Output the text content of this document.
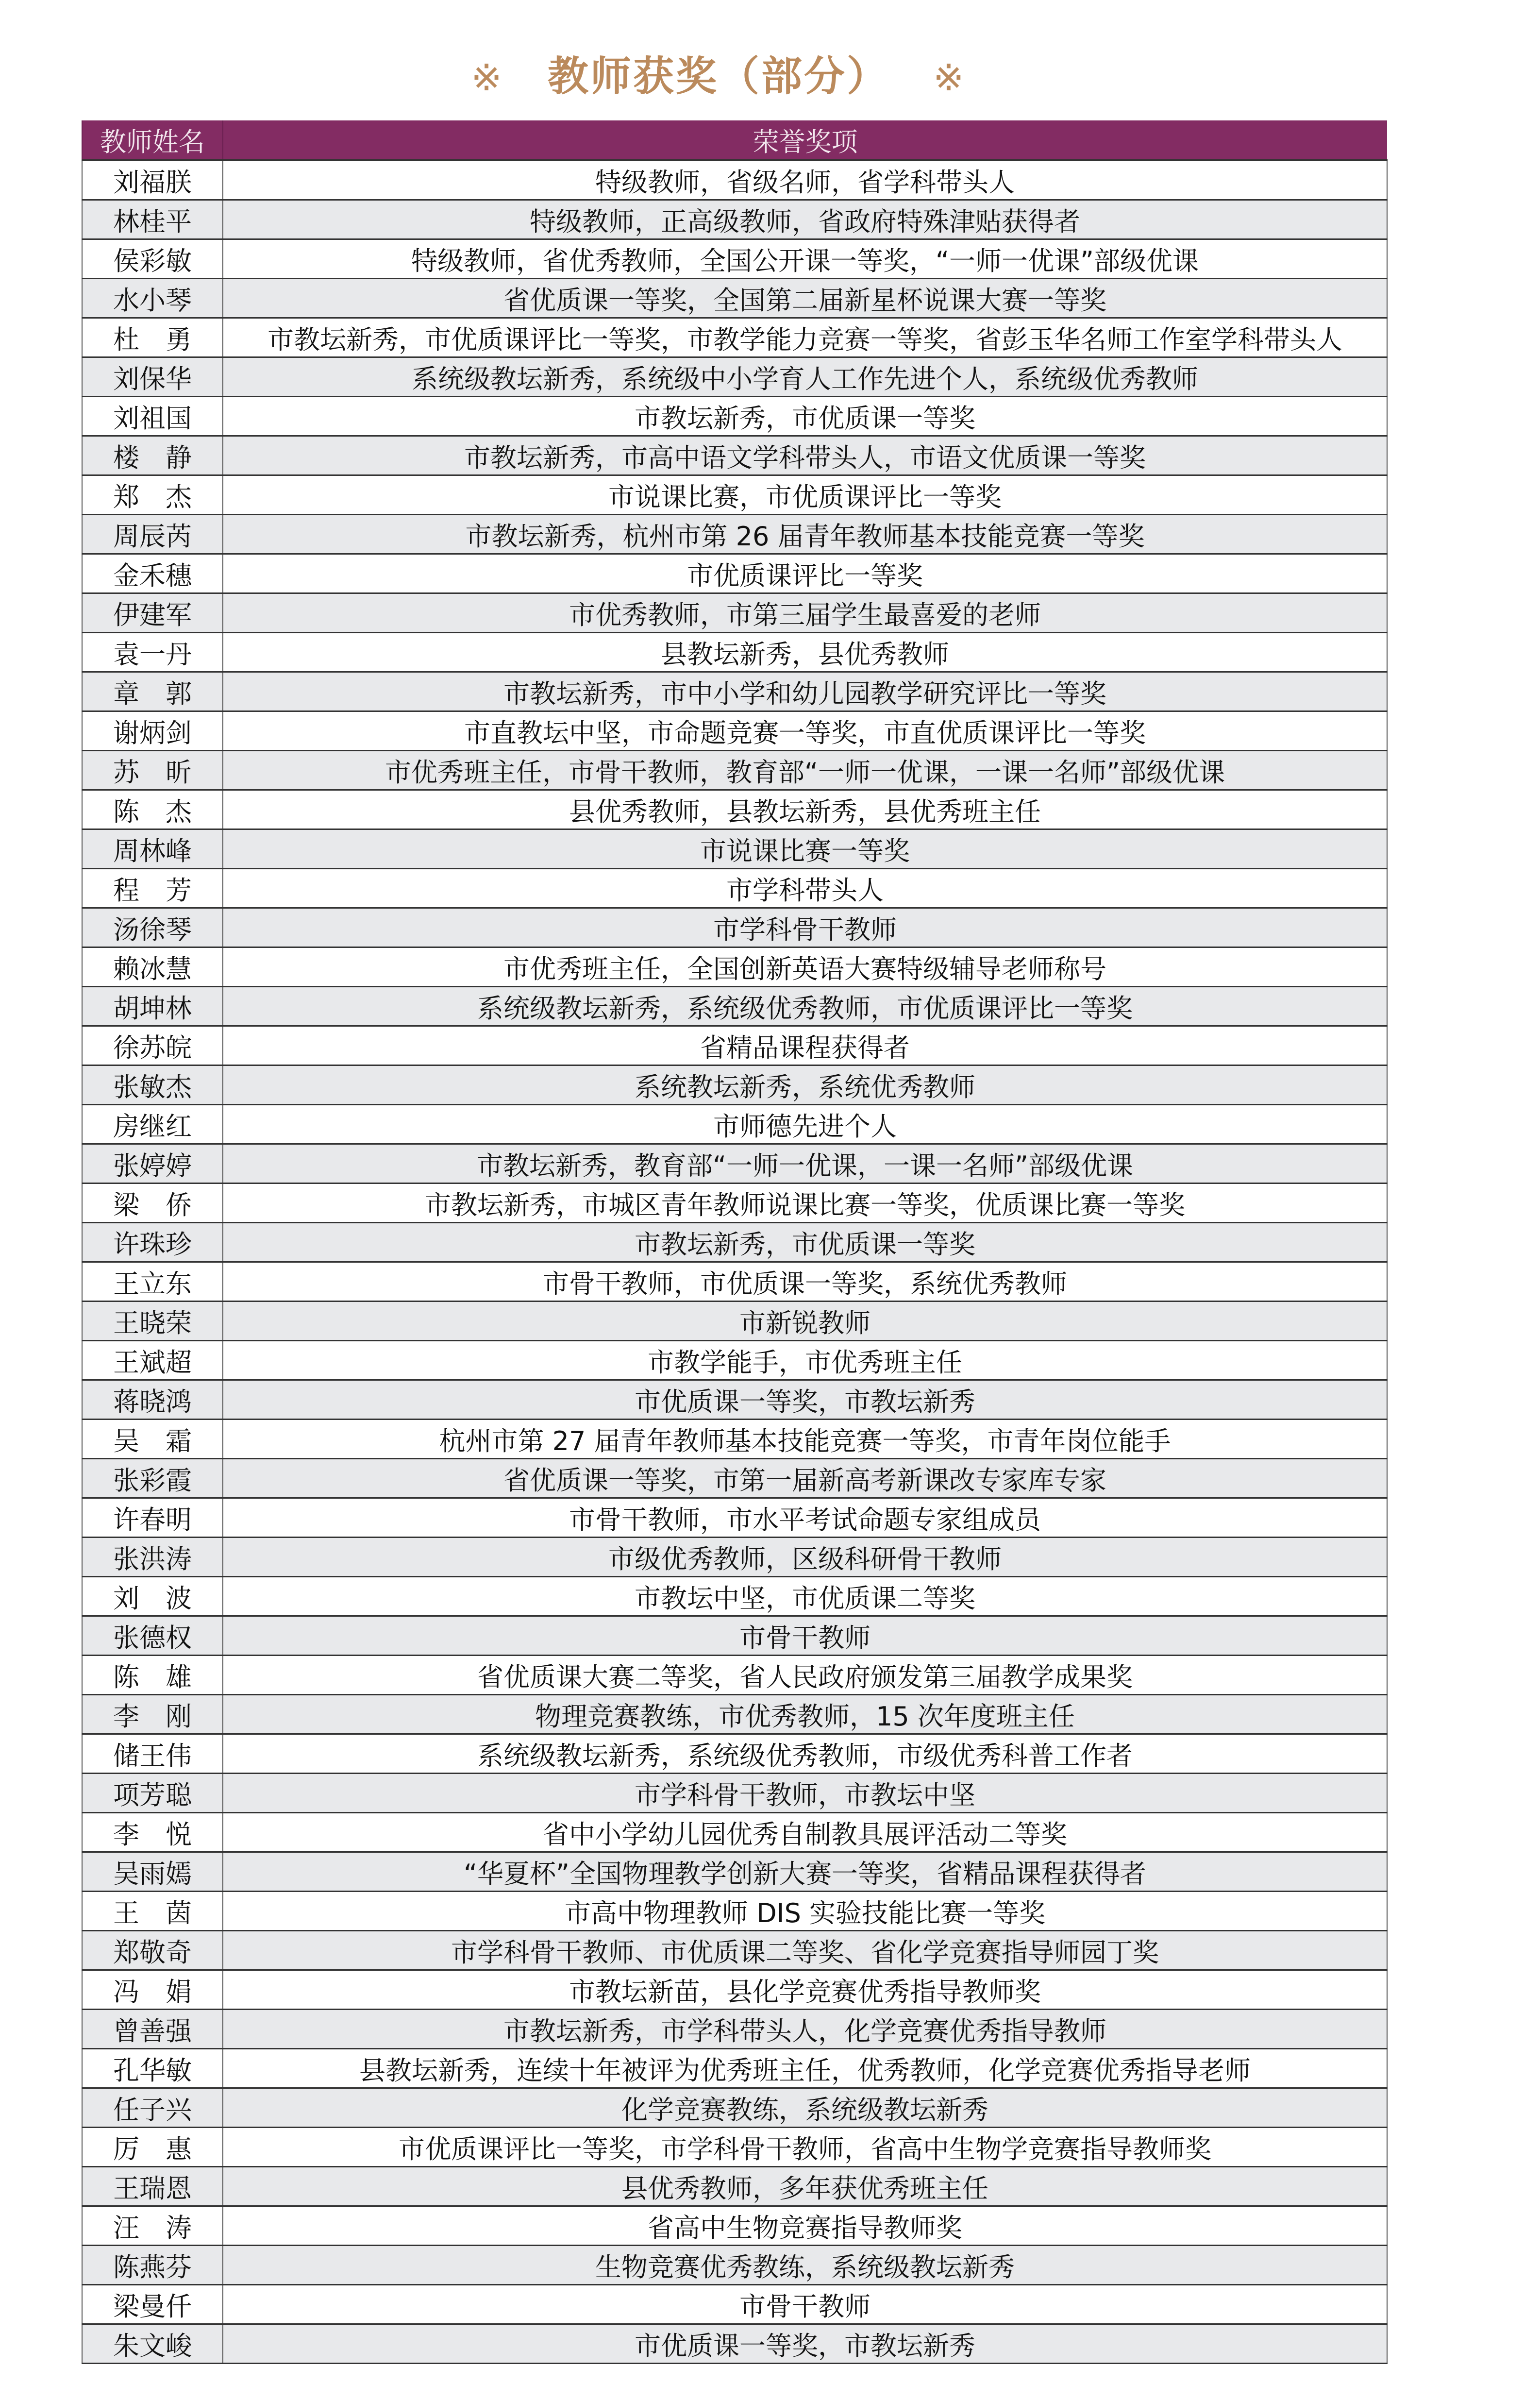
※ 教师获奖（部分） ※
教师姓名	荣誉奖项
刘福朕	特级教师，省级名师，省学科带头人
林桂平	特级教师，正高级教师，省政府特殊津贴获得者
侯彩敏	特级教师，省优秀教师，全国公开课一等奖，“一师一优课”部级优课
水小琴	省优质课一等奖，全国第二届新星杯说课大赛一等奖
杜　勇	市教坛新秀，市优质课评比一等奖，市教学能力竞赛一等奖，省彭玉华名师工作室学科带头人
刘保华	系统级教坛新秀，系统级中小学育人工作先进个人，系统级优秀教师
刘祖国	市教坛新秀，市优质课一等奖
楼　静	市教坛新秀，市高中语文学科带头人，市语文优质课一等奖
郑　杰	市说课比赛，市优质课评比一等奖
周辰芮	市教坛新秀，杭州市第 26 届青年教师基本技能竞赛一等奖
金禾穗	市优质课评比一等奖
伊建军	市优秀教师，市第三届学生最喜爱的老师
袁一丹	县教坛新秀，县优秀教师
章　郭	市教坛新秀，市中小学和幼儿园教学研究评比一等奖
谢炳剑	市直教坛中坚，市命题竞赛一等奖，市直优质课评比一等奖
苏　昕	市优秀班主任，市骨干教师，教育部“一师一优课，一课一名师”部级优课
陈　杰	县优秀教师，县教坛新秀，县优秀班主任
周林峰	市说课比赛一等奖
程　芳	市学科带头人
汤徐琴	市学科骨干教师
赖冰慧	市优秀班主任，全国创新英语大赛特级辅导老师称号
胡坤林	系统级教坛新秀，系统级优秀教师，市优质课评比一等奖
徐苏皖	省精品课程获得者
张敏杰	系统教坛新秀，系统优秀教师
房继红	市师德先进个人
张婷婷	市教坛新秀，教育部“一师一优课，一课一名师”部级优课
梁　侨	市教坛新秀，市城区青年教师说课比赛一等奖，优质课比赛一等奖
许珠珍	市教坛新秀，市优质课一等奖
王立东	市骨干教师，市优质课一等奖，系统优秀教师
王晓荣	市新锐教师
王斌超	市教学能手，市优秀班主任
蒋晓鸿	市优质课一等奖，市教坛新秀
吴　霜	杭州市第 27 届青年教师基本技能竞赛一等奖，市青年岗位能手
张彩霞	省优质课一等奖，市第一届新高考新课改专家库专家
许春明	市骨干教师，市水平考试命题专家组成员
张洪涛	市级优秀教师，区级科研骨干教师
刘　波	市教坛中坚，市优质课二等奖
张德权	市骨干教师
陈　雄	省优质课大赛二等奖，省人民政府颁发第三届教学成果奖
李　刚	物理竞赛教练，市优秀教师，15 次年度班主任
储王伟	系统级教坛新秀，系统级优秀教师，市级优秀科普工作者
项芳聪	市学科骨干教师，市教坛中坚
李　悦	省中小学幼儿园优秀自制教具展评活动二等奖
吴雨嫣	“华夏杯”全国物理教学创新大赛一等奖，省精品课程获得者
王　茵	市高中物理教师 DIS 实验技能比赛一等奖
郑敬奇	市学科骨干教师、市优质课二等奖、省化学竞赛指导师园丁奖
冯　娟	市教坛新苗，县化学竞赛优秀指导教师奖
曾善强	市教坛新秀，市学科带头人，化学竞赛优秀指导教师
孔华敏	县教坛新秀，连续十年被评为优秀班主任，优秀教师，化学竞赛优秀指导老师
任子兴	化学竞赛教练，系统级教坛新秀
厉　惠	市优质课评比一等奖，市学科骨干教师，省高中生物学竞赛指导教师奖
王瑞恩	县优秀教师，多年获优秀班主任
汪　涛	省高中生物竞赛指导教师奖
陈燕芬	生物竞赛优秀教练，系统级教坛新秀
梁曼仟	市骨干教师
朱文峻	市优质课一等奖，市教坛新秀
